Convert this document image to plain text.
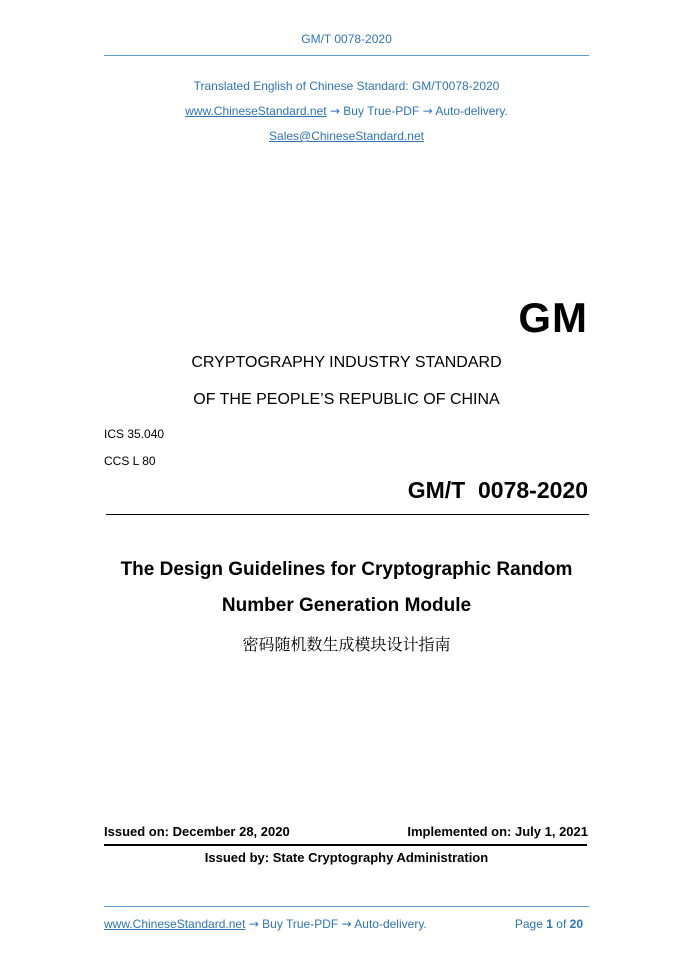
GM/T 0078-2020
Translated English of Chinese Standard: GM/T0078-2020
www.ChineseStandard.net → Buy True-PDF → Auto-delivery.
Sales@ChineseStandard.net
GM
CRYPTOGRAPHY INDUSTRY STANDARD
OF THE PEOPLE’S REPUBLIC OF CHINA
ICS 35.040
CCS L 80
GM/T  0078-2020
The Design Guidelines for Cryptographic Random
Number Generation Module
密码随机数生成模块设计指南
Issued on: December 28, 2020	Implemented on: July 1, 2021
Issued by: State Cryptography Administration
www.ChineseStandard.net → Buy True-PDF → Auto-delivery.	Page 1 of 20
